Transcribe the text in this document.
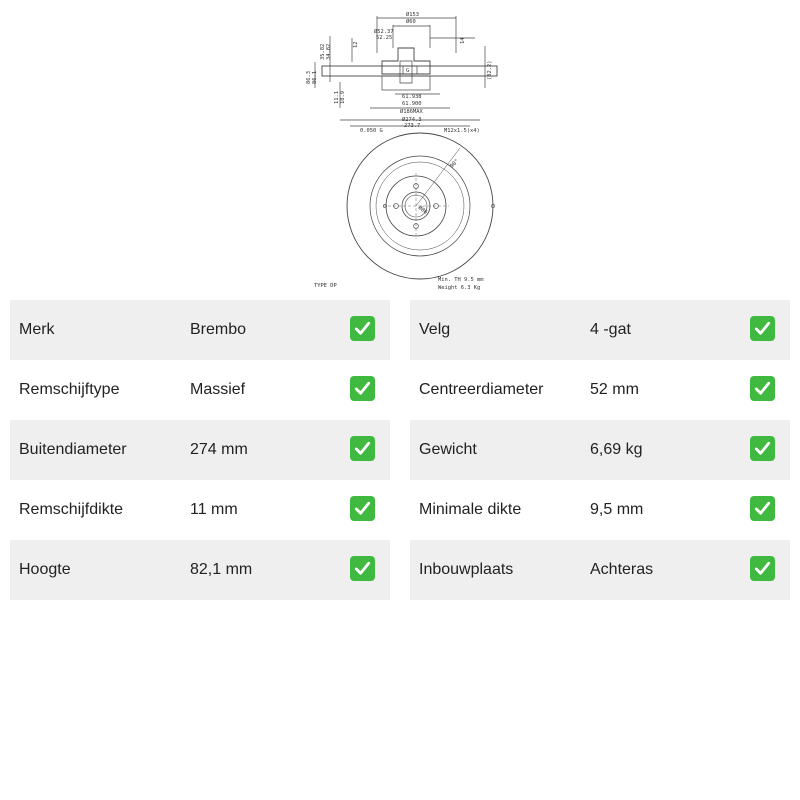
Ø153
Ø60
Ø52.37
52.25
G
61.938
61.900
Ø186MAX
Ø274.3
273.7
0.050 G	M12x1.5(x4)
35.02 34.82	12
14
(82.2)
86.3 86.1
11.1 10.9
90°
Ø80
TYPE DP
Min. TH 9.5 mm
Weight 6.3 Kg
Merk	Brembo
Remschijftype	Massief
Buitendiameter	274 mm
Remschijfdikte	11 mm
Hoogte	82,1 mm
Velg	4 -gat
Centreerdiameter	52 mm
Gewicht	6,69 kg
Minimale dikte	9,5 mm
Inbouwplaats	Achteras
